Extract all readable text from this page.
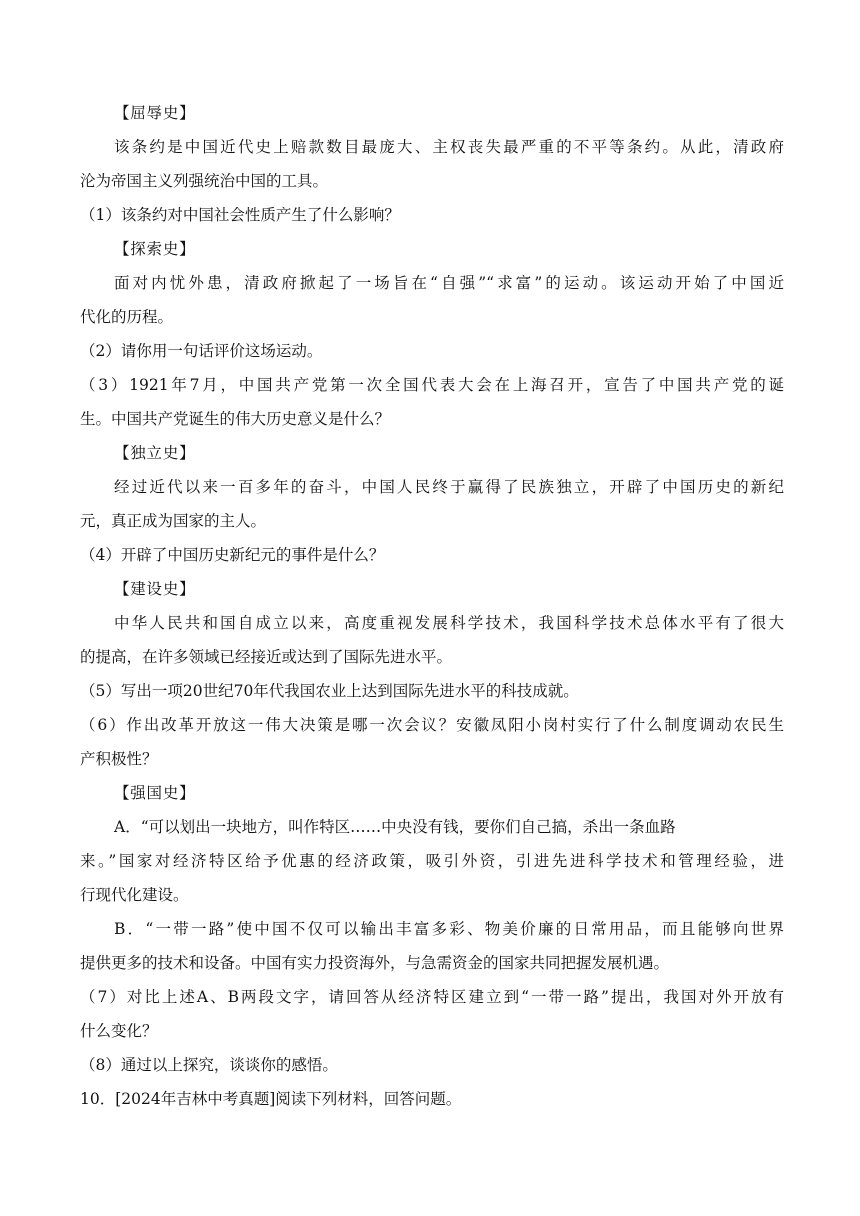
【屈辱史】
该条约是中国近代史上赔款数目最庞大、主权丧失最严重的不平等条约。从此，清政府
沦为帝国主义列强统治中国的工具。
（1）该条约对中国社会性质产生了什么影响？
【探索史】
面对内忧外患，清政府掀起了一场旨在“自强”“求富”的运动。该运动开始了中国近
代化的历程。
（2）请你用一句话评价这场运动。
（3）1921年7月，中国共产党第一次全国代表大会在上海召开，宣告了中国共产党的诞
生。中国共产党诞生的伟大历史意义是什么？
【独立史】
经过近代以来一百多年的奋斗，中国人民终于赢得了民族独立，开辟了中国历史的新纪
元，真正成为国家的主人。
（4）开辟了中国历史新纪元的事件是什么？
【建设史】
中华人民共和国自成立以来，高度重视发展科学技术，我国科学技术总体水平有了很大
的提高，在许多领域已经接近或达到了国际先进水平。
（5）写出一项20世纪70年代我国农业上达到国际先进水平的科技成就。
（6）作出改革开放这一伟大决策是哪一次会议？安徽凤阳小岗村实行了什么制度调动农民生
产积极性？
【强国史】
A．“可以划出一块地方，叫作特区……中央没有钱，要你们自己搞，杀出一条血路
来。”国家对经济特区给予优惠的经济政策，吸引外资，引进先进科学技术和管理经验，进
行现代化建设。
B．“一带一路”使中国不仅可以输出丰富多彩、物美价廉的日常用品，而且能够向世界
提供更多的技术和设备。中国有实力投资海外，与急需资金的国家共同把握发展机遇。
（7）对比上述A、B两段文字，请回答从经济特区建立到“一带一路”提出，我国对外开放有
什么变化？
（8）通过以上探究，谈谈你的感悟。
10．[2024年吉林中考真题]阅读下列材料，回答问题。
